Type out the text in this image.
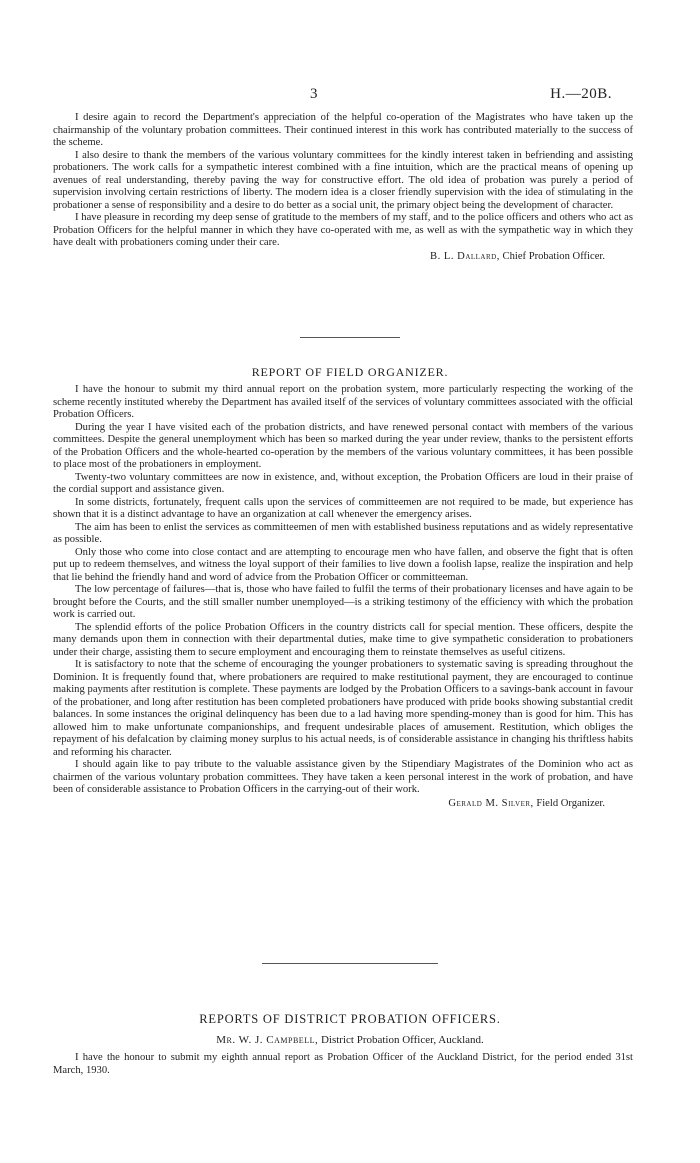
3	H.—20B.

I desire again to record the Department's appreciation of the helpful co-operation of the Magistrates who have taken up the chairmanship of the voluntary probation committees. Their continued interest in this work has contributed materially to the success of the scheme.

I also desire to thank the members of the various voluntary committees for the kindly interest taken in befriending and assisting probationers. The work calls for a sympathetic interest combined with a fine intuition, which are the practical means of opening up avenues of real understanding, thereby paving the way for constructive effort. The old idea of probation was purely a period of supervision involving certain restrictions of liberty. The modern idea is a closer friendly supervision with the idea of stimulating in the probationer a sense of responsibility and a desire to do better as a social unit, the primary object being the development of character.

I have pleasure in recording my deep sense of gratitude to the members of my staff, and to the police officers and others who act as Probation Officers for the helpful manner in which they have co-operated with me, as well as with the sympathetic way in which they have dealt with probationers coming under their care.

B. L. Dallard, Chief Probation Officer.
REPORT OF FIELD ORGANIZER.

I have the honour to submit my third annual report on the probation system, more particularly respecting the working of the scheme recently instituted whereby the Department has availed itself of the services of voluntary committees associated with the official Probation Officers.

During the year I have visited each of the probation districts, and have renewed personal contact with members of the various committees. Despite the general unemployment which has been so marked during the year under review, thanks to the persistent efforts of the Probation Officers and the whole-hearted co-operation by the members of the various voluntary committees, it has been possible to place most of the probationers in employment.

Twenty-two voluntary committees are now in existence, and, without exception, the Probation Officers are loud in their praise of the cordial support and assistance given.

In some districts, fortunately, frequent calls upon the services of committeemen are not required to be made, but experience has shown that it is a distinct advantage to have an organization at call whenever the emergency arises.

The aim has been to enlist the services as committeemen of men with established business reputations and as widely representative as possible.

Only those who come into close contact and are attempting to encourage men who have fallen, and observe the fight that is often put up to redeem themselves, and witness the loyal support of their families to live down a foolish lapse, realize the inspiration and help that lie behind the friendly hand and word of advice from the Probation Officer or committeeman.

The low percentage of failures—that is, those who have failed to fulfil the terms of their probationary licenses and have again to be brought before the Courts, and the still smaller number unemployed—is a striking testimony of the efficiency with which the probation work is carried out.

The splendid efforts of the police Probation Officers in the country districts call for special mention. These officers, despite the many demands upon them in connection with their departmental duties, make time to give sympathetic consideration to probationers under their charge, assisting them to secure employment and encouraging them to reinstate themselves as useful citizens.

It is satisfactory to note that the scheme of encouraging the younger probationers to systematic saving is spreading throughout the Dominion. It is frequently found that, where probationers are required to make restitutional payment, they are encouraged to continue making payments after restitution is complete. These payments are lodged by the Probation Officers to a savings-bank account in favour of the probationer, and long after restitution has been completed probationers have produced with pride books showing substantial credit balances. In some instances the original delinquency has been due to a lad having more spending-money than is good for him. This has allowed him to make unfortunate companionships, and frequent undesirable places of amusement. Restitution, which obliges the repayment of his defalcation by claiming money surplus to his actual needs, is of considerable assistance in changing his thriftless habits and reforming his character.

I should again like to pay tribute to the valuable assistance given by the Stipendiary Magistrates of the Dominion who act as chairmen of the various voluntary probation committees. They have taken a keen personal interest in the work of probation, and have been of considerable assistance to Probation Officers in the carrying-out of their work.

Gerald M. Silver, Field Organizer.
REPORTS OF DISTRICT PROBATION OFFICERS.
Mr. W. J. Campbell, District Probation Officer, Auckland.

I have the honour to submit my eighth annual report as Probation Officer of the Auckland District, for the period ended 31st March, 1930.
